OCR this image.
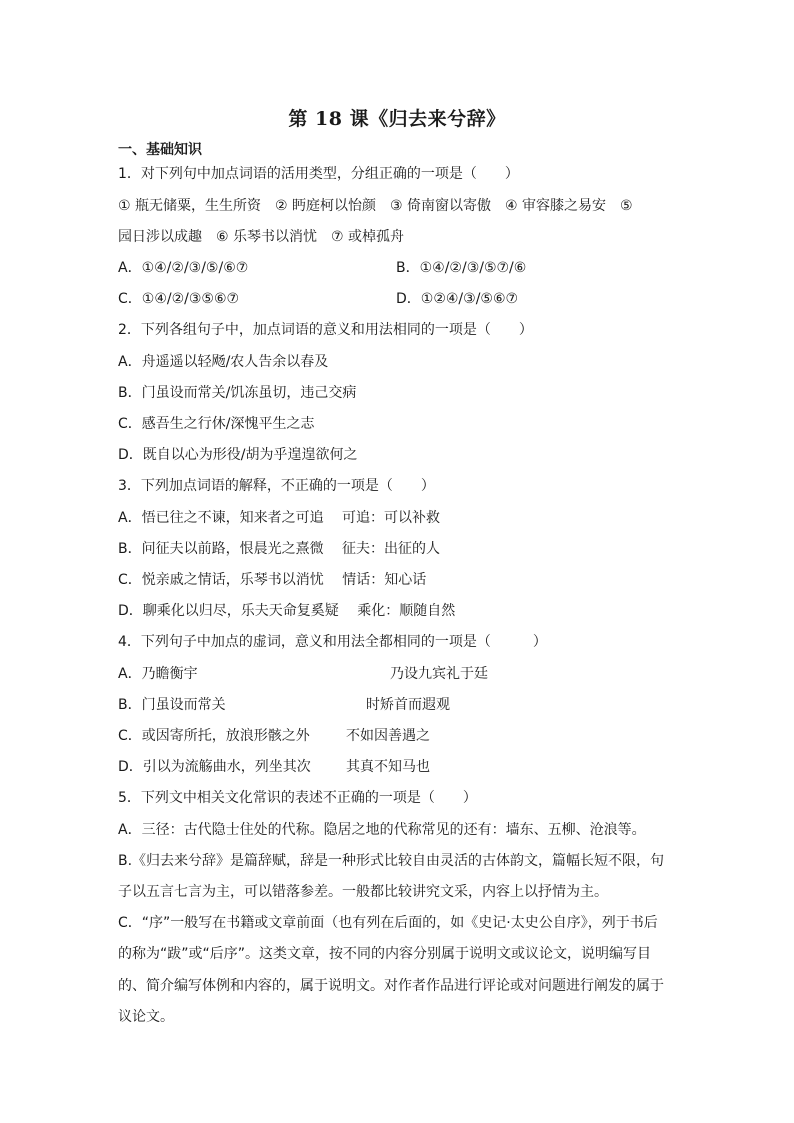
第 18 课《归去来兮辞》
一、基础知识
1．对下列句中加点词语的活用类型，分组正确的一项是（　　）
① 瓶无储粟，生生所资　② 眄庭柯以怡颜　③ 倚南窗以寄傲　④ 审容膝之易安　⑤
园日涉以成趣　⑥ 乐琴书以消忧　⑦ 或棹孤舟
A．①④/②/③/⑤/⑥⑦	B．①④/②/③/⑤⑦/⑥
C．①④/②/③⑤⑥⑦	D．①②④/③/⑤⑥⑦
2．下列各组句子中，加点词语的意义和用法相同的一项是（　　）
A．舟遥遥以轻飏/农人告余以春及
B．门虽设而常关/饥冻虽切，违己交病
C．感吾生之行休/深愧平生之志
D．既自以心为形役/胡为乎遑遑欲何之
3．下列加点词语的解释，不正确的一项是（　　）
A．悟已往之不谏，知来者之可追　 可追：可以补救
B．问征夫以前路，恨晨光之熹微　 征夫：出征的人
C．悦亲戚之情话，乐琴书以消忧　 情话：知心话
D．聊乘化以归尽，乐夫天命复奚疑　 乘化：顺随自然
4．下列句子中加点的虚词，意义和用法全都相同的一项是（　　　）
A．乃瞻衡宇	乃设九宾礼于廷
B．门虽设而常关	时矫首而遐观
C．或因寄所托，放浪形骸之外	不如因善遇之
D．引以为流觞曲水，列坐其次	其真不知马也
5．下列文中相关文化常识的表述不正确的一项是（　　）
A．三径：古代隐士住处的代称。隐居之地的代称常见的还有：墙东、五柳、沧浪等。
B.《归去来兮辞》是篇辞赋，辞是一种形式比较自由灵活的古体韵文，篇幅长短不限，句
子以五言七言为主，可以错落参差。一般都比较讲究文采，内容上以抒情为主。
C．“序”一般写在书籍或文章前面（也有列在后面的，如《史记·太史公自序》，列于书后
的称为“跋”或“后序”。这类文章，按不同的内容分别属于说明文或议论文，说明编写目
的、简介编写体例和内容的，属于说明文。对作者作品进行评论或对问题进行阐发的属于
议论文。
